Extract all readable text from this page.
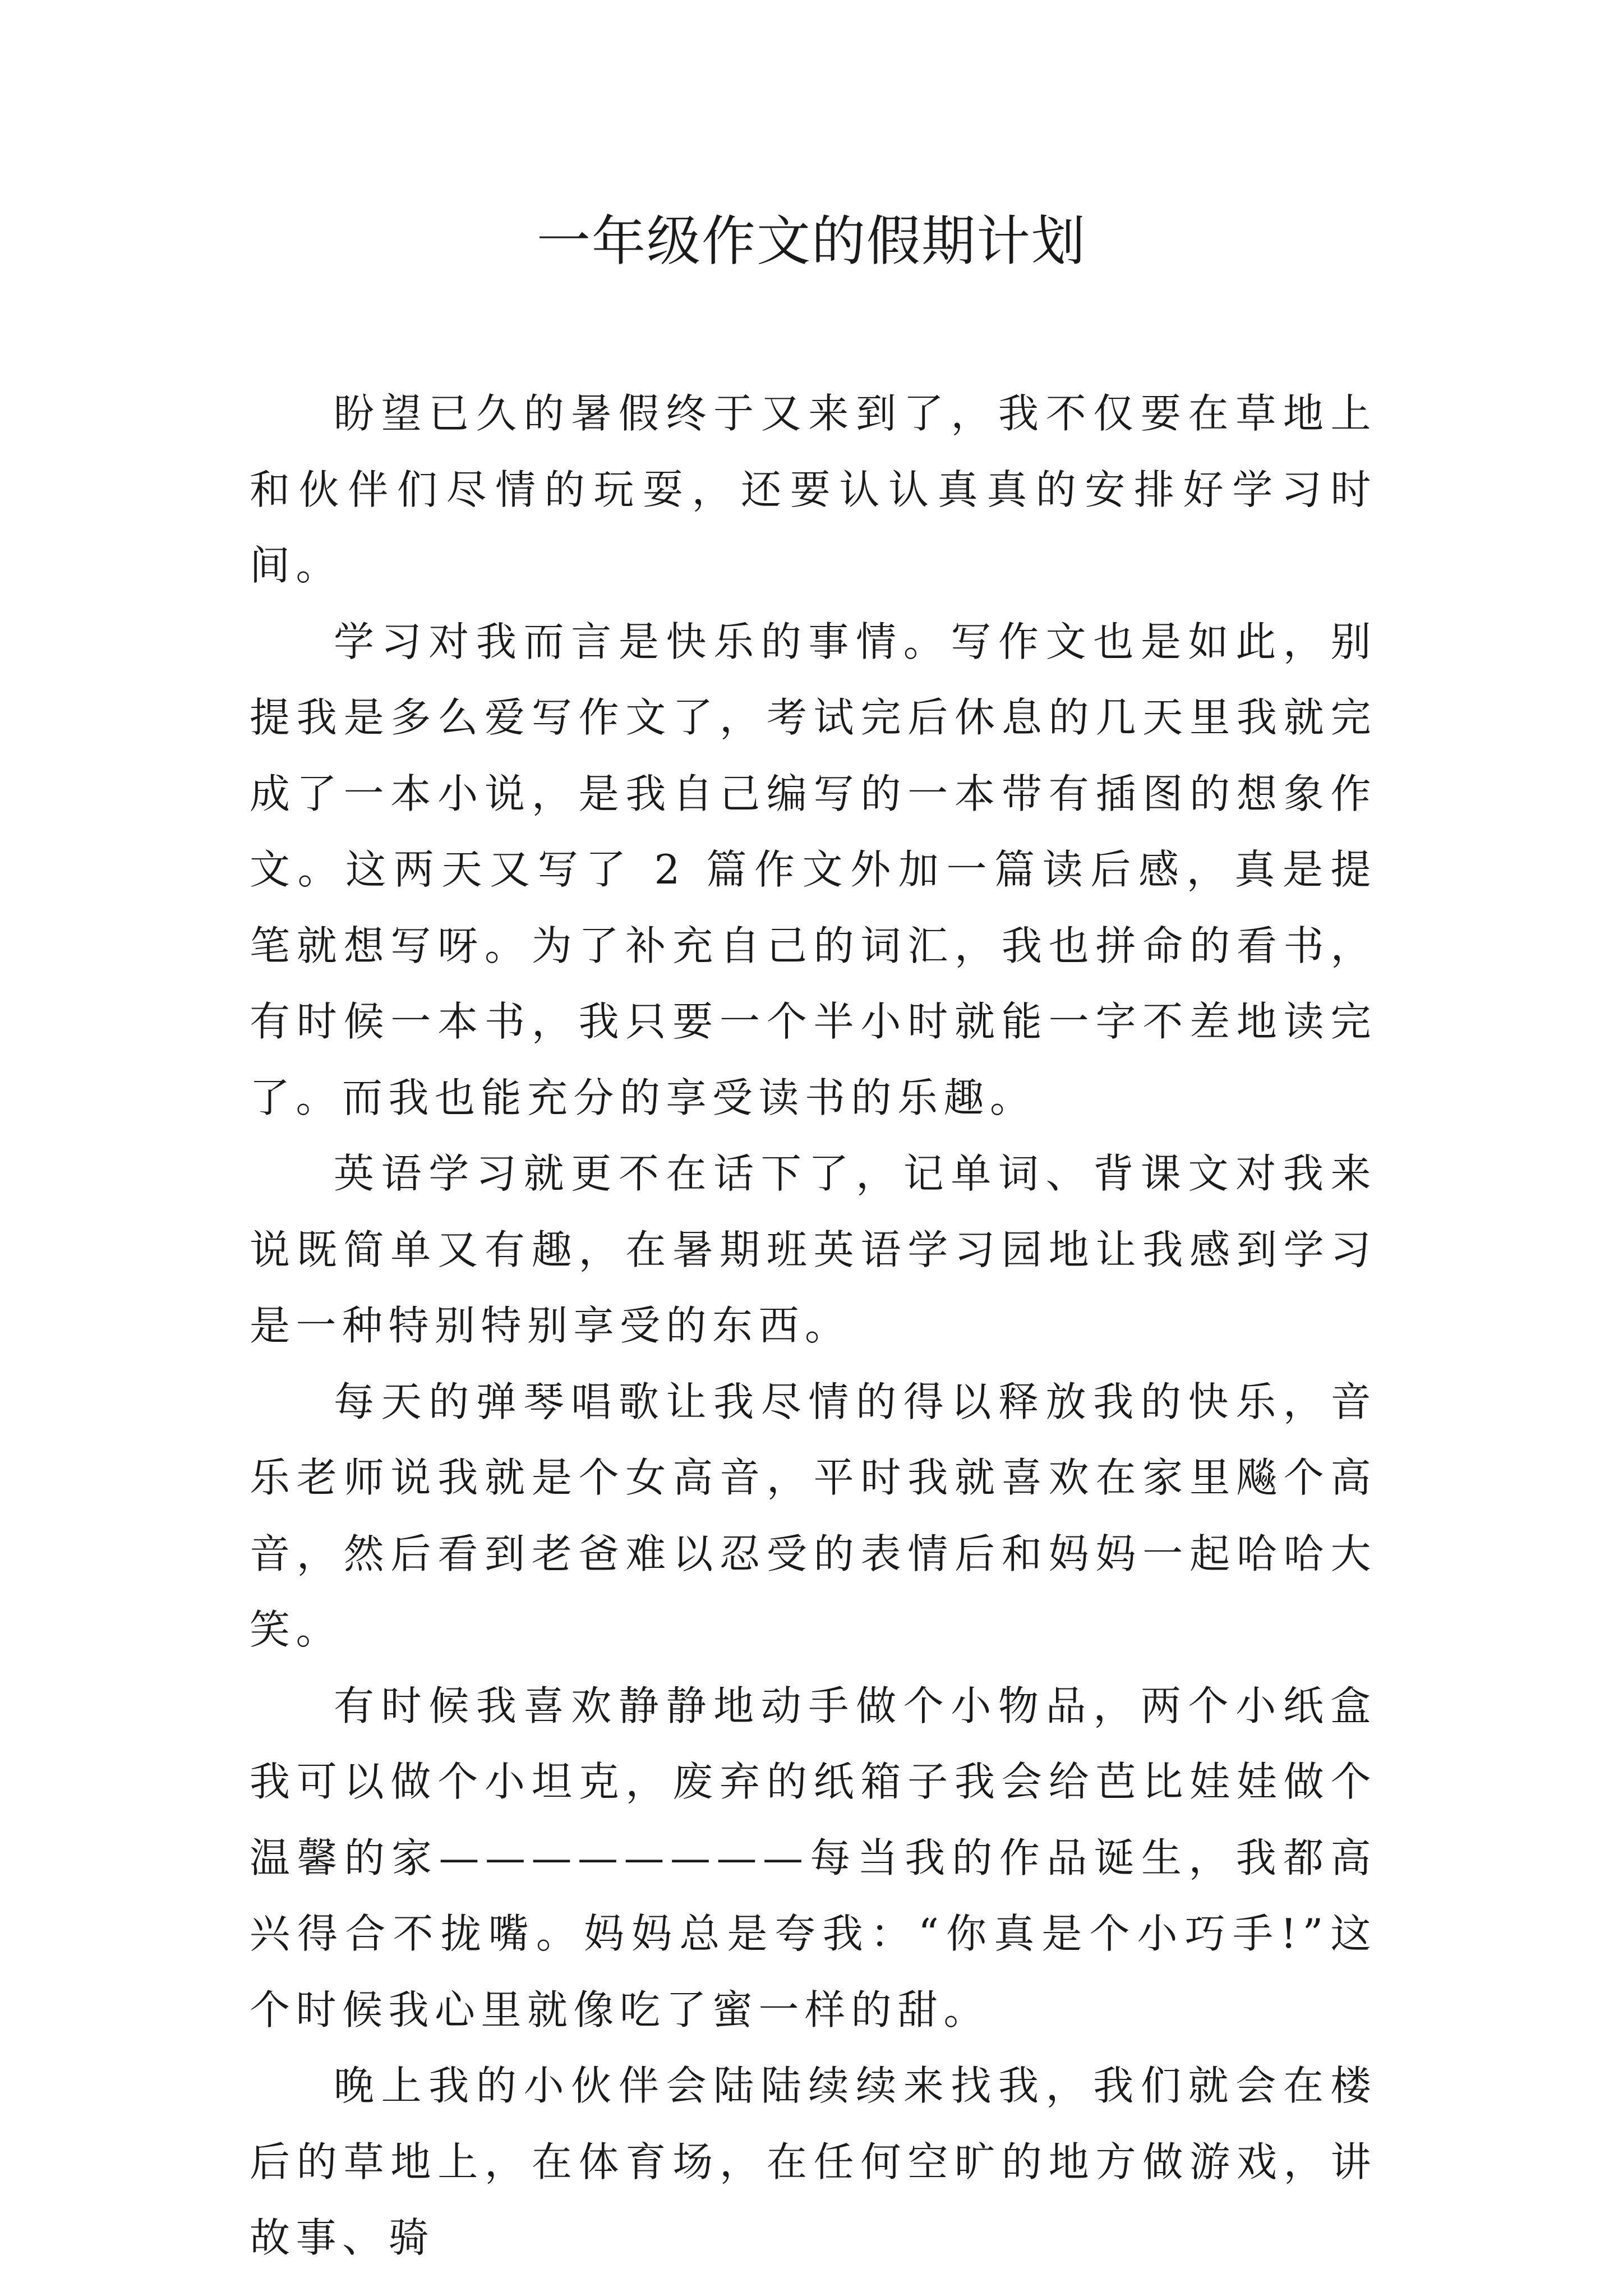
一年级作文的假期计划

盼望已久的暑假终于又来到了，我不仅要在草地上和伙伴们尽情的玩耍，还要认认真真的安排好学习时间。

学习对我而言是快乐的事情。写作文也是如此，别提我是多么爱写作文了，考试完后休息的几天里我就完成了一本小说，是我自己编写的一本带有插图的想象作文。这两天又写了 2 篇作文外加一篇读后感，真是提笔就想写呀。为了补充自己的词汇，我也拼命的看书，有时候一本书，我只要一个半小时就能一字不差地读完了。而我也能充分的享受读书的乐趣。

英语学习就更不在话下了，记单词、背课文对我来说既简单又有趣，在暑期班英语学习园地让我感到学习是一种特别特别享受的东西。

每天的弹琴唱歌让我尽情的得以释放我的快乐，音乐老师说我就是个女高音，平时我就喜欢在家里飚个高音，然后看到老爸难以忍受的表情后和妈妈一起哈哈大笑。

有时候我喜欢静静地动手做个小物品，两个小纸盒我可以做个小坦克，废弃的纸箱子我会给芭比娃娃做个温馨的家————————每当我的作品诞生，我都高兴得合不拢嘴。妈妈总是夸我：“你真是个小巧手!”这个时候我心里就像吃了蜜一样的甜。

晚上我的小伙伴会陆陆续续来找我，我们就会在楼后的草地上，在体育场，在任何空旷的地方做游戏，讲故事、骑
